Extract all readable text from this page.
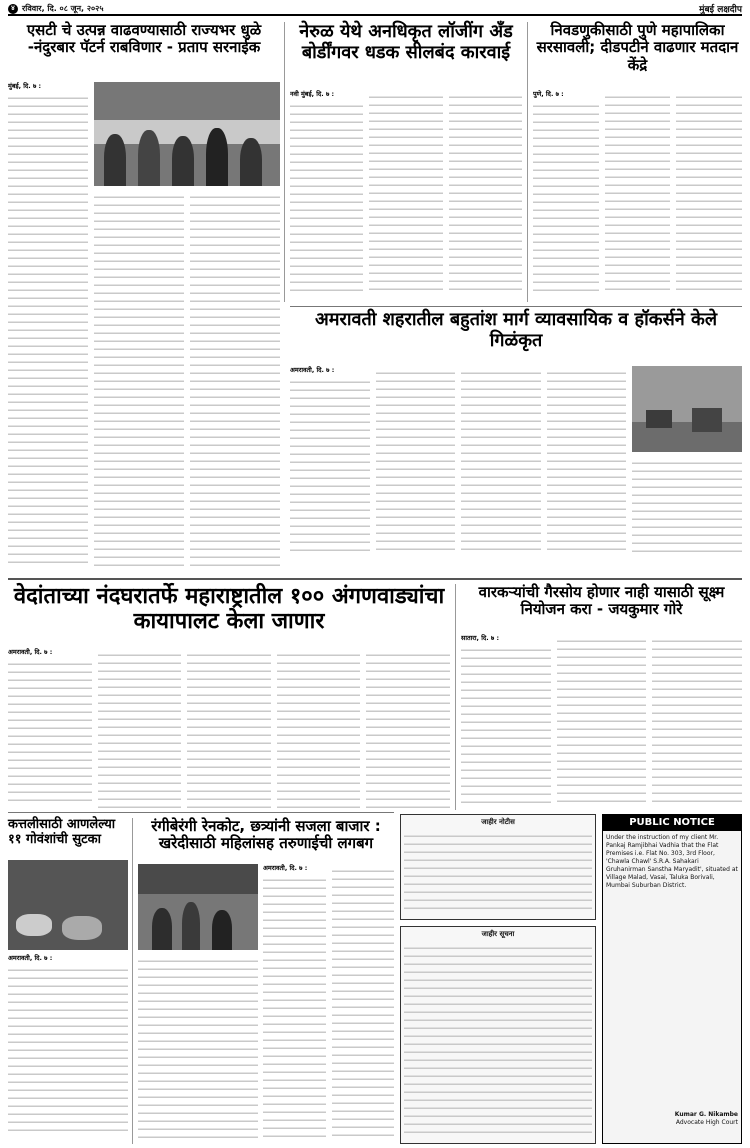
४ रविवार, दि. ०८ जून, २०२५	मुंबई लक्षदीप
एसटी चे उत्पन्न वाढवण्यासाठी राज्यभर धुळे -नंदुरबार पॅटर्न राबविणार - प्रताप सरनाईक
मुंबई, दि. ७ :
नेरुळ येथे अनधिकृत लॉजींग ॲंड बोर्डींगवर धडक सीलबंद कारवाई
नवी मुंबई, दि. ७ :
निवडणुकीसाठी पुणे महापालिका सरसावली; दीडपटीने वाढणार मतदान केंद्रे
पुणे, दि. ७ :
अमरावती शहरातील बहुतांश मार्ग व्यावसायिक व हॉकर्सने केले गिळंकृत
अमरावती, दि. ७ :
वेदांताच्या नंदघरातर्फे महाराष्ट्रातील १०० अंगणवाड्यांचा कायापालट केला जाणार
अमरावती, दि. ७ :
वारकऱ्यांची गैरसोय होणार नाही यासाठी सूक्ष्म नियोजन करा - जयकुमार गोरे
सातारा, दि. ७ :
जाहीर नोटीस	PUBLIC NOTICE
Under the instruction of my client Mr. Pankaj Ramjibhai Vadhia that the Flat Premises i.e. Flat No. 303, 3rd Floor, 'Chawla Chawl' S.R.A. Sahakari Gruhanirman Sanstha Maryadit', situated at Village Malad, Vasai, Taluka Borivali, Mumbai Suburban District.
Kumar G. Nikambe
Advocate High Court
कत्तलीसाठी आणलेल्या ११ गोवंशांची सुटका
अमरावती, दि. ७ :
रंगीबेरंगी रेनकोट, छत्र्यांनी सजला बाजार : खरेदीसाठी महिलांसह तरुणाईची लगबग
अमरावती, दि. ७ :
जाहीर सूचना
